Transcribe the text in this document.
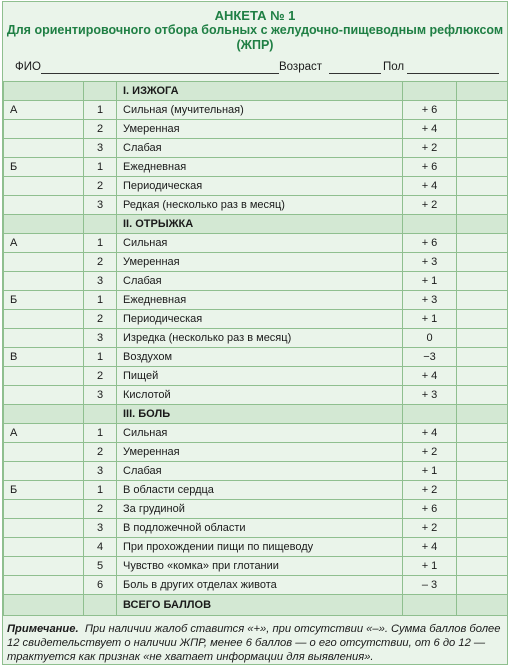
АНКЕТА № 1
Для ориентировочного отбора больных с желудочно-пищеводным рефлюксом (ЖПР)
ФИО	Возраст	Пол
		I. ИЗЖОГА		
А	1	Сильная (мучительная)	+ 6	
	2	Умеренная	+ 4	
	3	Слабая	+ 2	
Б	1	Ежедневная	+ 6	
	2	Периодическая	+ 4	
	3	Редкая (несколько раз в месяц)	+ 2	
		II. ОТРЫЖКА		
А	1	Сильная	+ 6	
	2	Умеренная	+ 3	
	3	Слабая	+ 1	
Б	1	Ежедневная	+ 3	
	2	Периодическая	+ 1	
	3	Изредка (несколько раз в месяц)	0	
В	1	Воздухом	−3	
	2	Пищей	+ 4	
	3	Кислотой	+ 3	
		III. БОЛЬ		
А	1	Сильная	+ 4	
	2	Умеренная	+ 2	
	3	Слабая	+ 1	
Б	1	В области сердца	+ 2	
	2	За грудиной	+ 6	
	3	В подложечной области	+ 2	
	4	При прохождении пищи по пищеводу	+ 4	
	5	Чувство «комка» при глотании	+ 1	
	6	Боль в других отделах живота	– 3	
		ВСЕГО БАЛЛОВ		
Примечание. При наличии жалоб ставится «+», при отсутствии «–». Сумма баллов более 12 свидетельствует о наличии ЖПР, менее 6 баллов — о его отсутствии, от 6 до 12 — трактуется как признак «не хватает информации для выявления».
